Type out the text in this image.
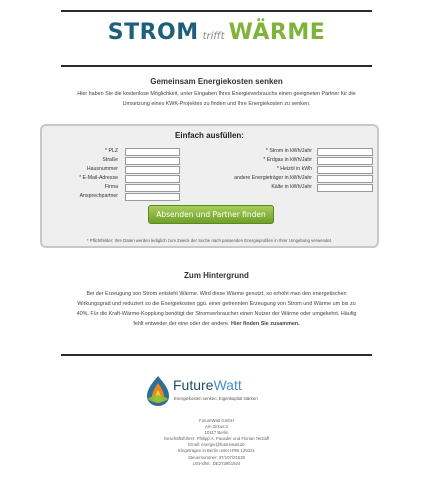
STROM trifft WÄRME
Gemeinsam Energiekosten senken
Hier haben Sie die kostenlose Möglichkeit, unter Eingaben Ihres Energieverbrauchs einen geeigneten Partner für die
Umsetzung eines KWK-Projektes zu finden und Ihre Energiekosten zu senken.
Einfach ausfüllen:
* PLZ
Straße
Hausnummer
* E-Mail-Adresse
Firma
Ansprechpartner
* Strom in kWh/Jahr
* Erdgas in kWh/Jahr
* Heizöl in kWh
andere Energieträger in kWh/Jahr
Kälte in kWh/Jahr
Absenden und Partner finden
* Pflichtfelder; Ihre Daten werden lediglich zum Zweck der Suche nach passenden Energieprofilen in Ihrer Umgebung verwendet.
Zum Hintergrund
Bei der Erzeugung von Strom entsteht Wärme. Wird diese Wärme genutzt, so erhöht man den energetischen
Wirkungsgrad und reduziert so die Energiekosten ggü. einer getrennten Erzeugung von Strom und Wärme um bis zu
40%. Für die Kraft-Wärme-Kopplung benötigt der Stromverbraucher einen Nutzer der Wärme oder umgekehrt. Häufig
fehlt entweder der eine oder der andere. Hier finden Sie zusammen.
FutureWatt
Energiekosten senken, Eigenkapital stärken
FutureWatt GmbH
Am Zirkus 3
10117 Berlin
Geschäftsführer: Philipp A. Pausder und Florian Tetzlaff
Email: energie@futurewatt.de
Eingetragen in Berlin unter HRB 129331
Steuernummer: 37/107/21530
USt-IdNr.: DE273951924
